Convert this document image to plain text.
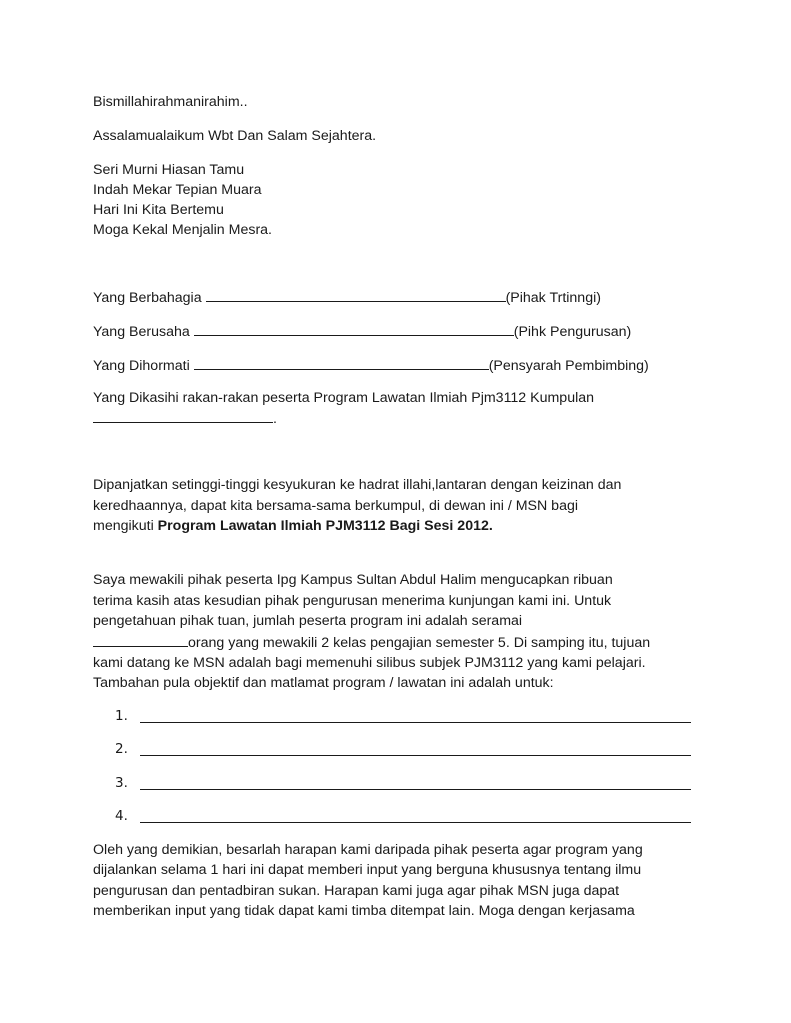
Bismillahirahmanirahim..
Assalamualaikum Wbt Dan Salam Sejahtera.
Seri Murni Hiasan Tamu
Indah Mekar Tepian Muara
Hari Ini Kita Bertemu
Moga Kekal Menjalin Mesra.
Yang Berbahagia	(Pihak Trtinngi)
Yang Berusaha	(Pihk Pengurusan)
Yang Dihormati	(Pensyarah Pembimbing)
Yang Dikasihi rakan-rakan peserta Program Lawatan Ilmiah Pjm3112 Kumpulan
.
Dipanjatkan setinggi-tinggi kesyukuran ke hadrat illahi,lantaran dengan keizinan dan
keredhaannya, dapat kita bersama-sama berkumpul, di dewan ini / MSN bagi
mengikuti Program Lawatan Ilmiah PJM3112 Bagi Sesi 2012.
Saya mewakili pihak peserta Ipg Kampus Sultan Abdul Halim mengucapkan ribuan
terima kasih atas kesudian pihak pengurusan menerima kunjungan kami ini. Untuk
pengetahuan pihak tuan, jumlah peserta program ini adalah seramai
orang yang mewakili 2 kelas pengajian semester 5. Di samping itu, tujuan
kami datang ke MSN adalah bagi memenuhi silibus subjek PJM3112 yang kami pelajari.
Tambahan pula objektif dan matlamat program / lawatan ini adalah untuk:
1.
2.
3.
4.
Oleh yang demikian, besarlah harapan kami daripada pihak peserta agar program yang
dijalankan selama 1 hari ini dapat memberi input yang berguna khususnya tentang ilmu
pengurusan dan pentadbiran sukan. Harapan kami juga agar pihak MSN juga dapat
memberikan input yang tidak dapat kami timba ditempat lain. Moga dengan kerjasama
